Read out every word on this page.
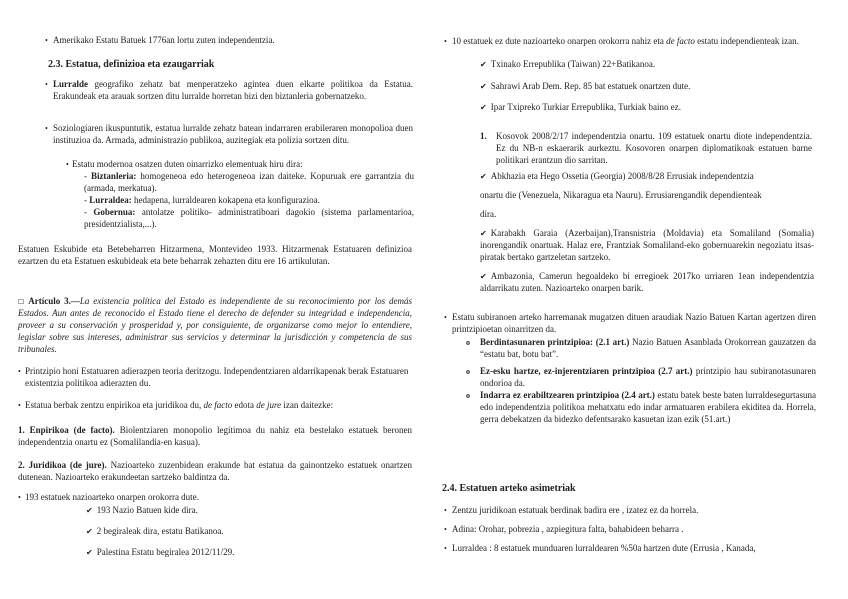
• Amerikako Estatu Batuek 1776an lortu zuten independentzia.

2.3. Estatua, definizioa eta ezaugarriak
• Lurralde geografiko zehatz bat menperatzeko agintea duen elkarte politikoa da Estatua. Erakundeak eta arauak sortzen ditu lurralde horretan bizi den biztanleria gobernatzeko.

• Soziologiaren ikuspuntutik, estatua lurralde zehatz batean indarraren erabileraren monopolioa duen instituzioa da. Armada, administrazio publikoa, auzitegiak eta polizia sortzen ditu.

• Estatu modernoa osatzen duten oinarrizko elementuak hiru dira:

- Biztanleria: homogeneoa edo heterogeneoa izan daiteke. Kopuruak ere garrantzia du (armada, merkatua).

- Lurraldea: hedapena, lurraldearen kokapena eta konfigurazioa.

- Gobernua: antolatze politiko- administratiboari dagokio (sistema parlamentarioa, presidentzialista,...).

Estatuen Eskubide eta Betebeharren Hitzarmena, Montevideo 1933. Hitzarmenak Estatuaren definizioa ezartzen du eta Estatuen eskubideak eta bete beharrak zehazten ditu ere 16 artikulutan.

☐ Artículo 3.—La existencia política del Estado es independiente de su reconocimiento por los demás Estados. Aun antes de reconocido el Estado tiene el derecho de defender su integridad e independencia, proveer a su conservación y prosperidad y, por consiguiente, de organizarse como mejor lo entendiere, legislar sobre sus intereses, administrar sus servicios y determinar la jurisdicción y competencia de sus tribunales.

• Printzipio honi Estatuaren adierazpen teoria deritzogu. Independentziaren aldarrikapenak berak Estatuaren existentzia politikoa adierazten du.

• Estatua berbak zentzu enpirikoa eta juridikoa du, de facto edota de jure izan daitezke:

1. Enpirikoa (de facto). Biolentziaren monopolio legitimoa du nahiz eta bestelako estatuek beronen independentzia onartu ez (Somalilandia-en kasua).

2. Juridikoa (de jure). Nazioarteko zuzenbidean erakunde bat estatua da gainontzeko estatuek onartzen dutenean. Nazioarteko erakundeetan sartzeko baldintza da.

• 193 estatuek nazioarteko onarpen orokorra dute.

✔︎ 193 Nazio Batuen kide dira.

✔︎ 2 begiraleak dira, estatu Batikanoa.

✔︎ Palestina Estatu begiralea 2012/11/29.

• 10 estatuek ez dute nazioarteko onarpen orokorra nahiz eta de facto estatu independienteak izan.

✔︎ Txinako Errepublika (Taiwan) 22+Batikanoa.

✔︎ Sahrawi Arab Dem. Rep. 85 bat estatuek onartzen dute.

✔︎ Ipar Txipreko Turkiar Errepublika, Turkiak baino ez.

1. Kosovok 2008/2/17 independentzia onartu. 109 estatuek onartu diote independentzia. Ez du NB-n eskaerarik aurkeztu. Kosovoren onarpen diplomatikoak estatuen barne politikari erantzun dio sarritan.

✔︎ Abkhazia eta Hego Ossetia (Georgia) 2008/8/28 Errusiak independentzia

onartu die (Venezuela, Nikaragua eta Nauru). Errusiarengandik dependienteak

dira.

✔︎ Karabakh Garaia (Azerbaijan),Transnistria (Moldavia) eta Somaliland (Somalia) inorengandik onartuak. Halaz ere, Frantziak Somaliland-eko gobernuarekin negoziatu itsas-piratak bertako gartzeletan sartzeko.

✔︎ Ambazonia, Camerun hegoaldeko bi erregioek 2017ko urriaren 1ean independentzia aldarrikatu zuten. Nazioarteko onarpen barik.

• Estatu subiranoen arteko harremanak mugatzen dituen araudiak Nazio Batuen Kartan agertzen diren printzipioetan oinarritzen da.

o Berdintasunaren printzipioa: (2.1 art.) Nazio Batuen Asanblada Orokorrean gauzatzen da “estatu bat, botu bat”.

o Ez-esku hartze, ez-injerentziaren printzipioa (2.7 art.) printzipio hau subiranotasunaren ondorioa da.

o Indarra ez erabiltzearen printzipioa (2.4 art.) estatu batek beste baten lurraldesegurtasuna edo independentzia politikoa mehatxatu edo indar armatuaren erabilera ekiditea da. Horrela, gerra debekatzen da bidezko defentsarako kasuetan izan ezik (51.art.)

2.4. Estatuen arteko asimetriak
• Zentzu juridikoan estatuak berdinak badira ere , izatez ez da horrela.

• Adina: Orohar, pobrezia , azpiegitura falta, bahabideen beharra .

• Lurraldea : 8 estatuek munduaren lurraldearen %50a hartzen dute (Errusia , Kanada,
